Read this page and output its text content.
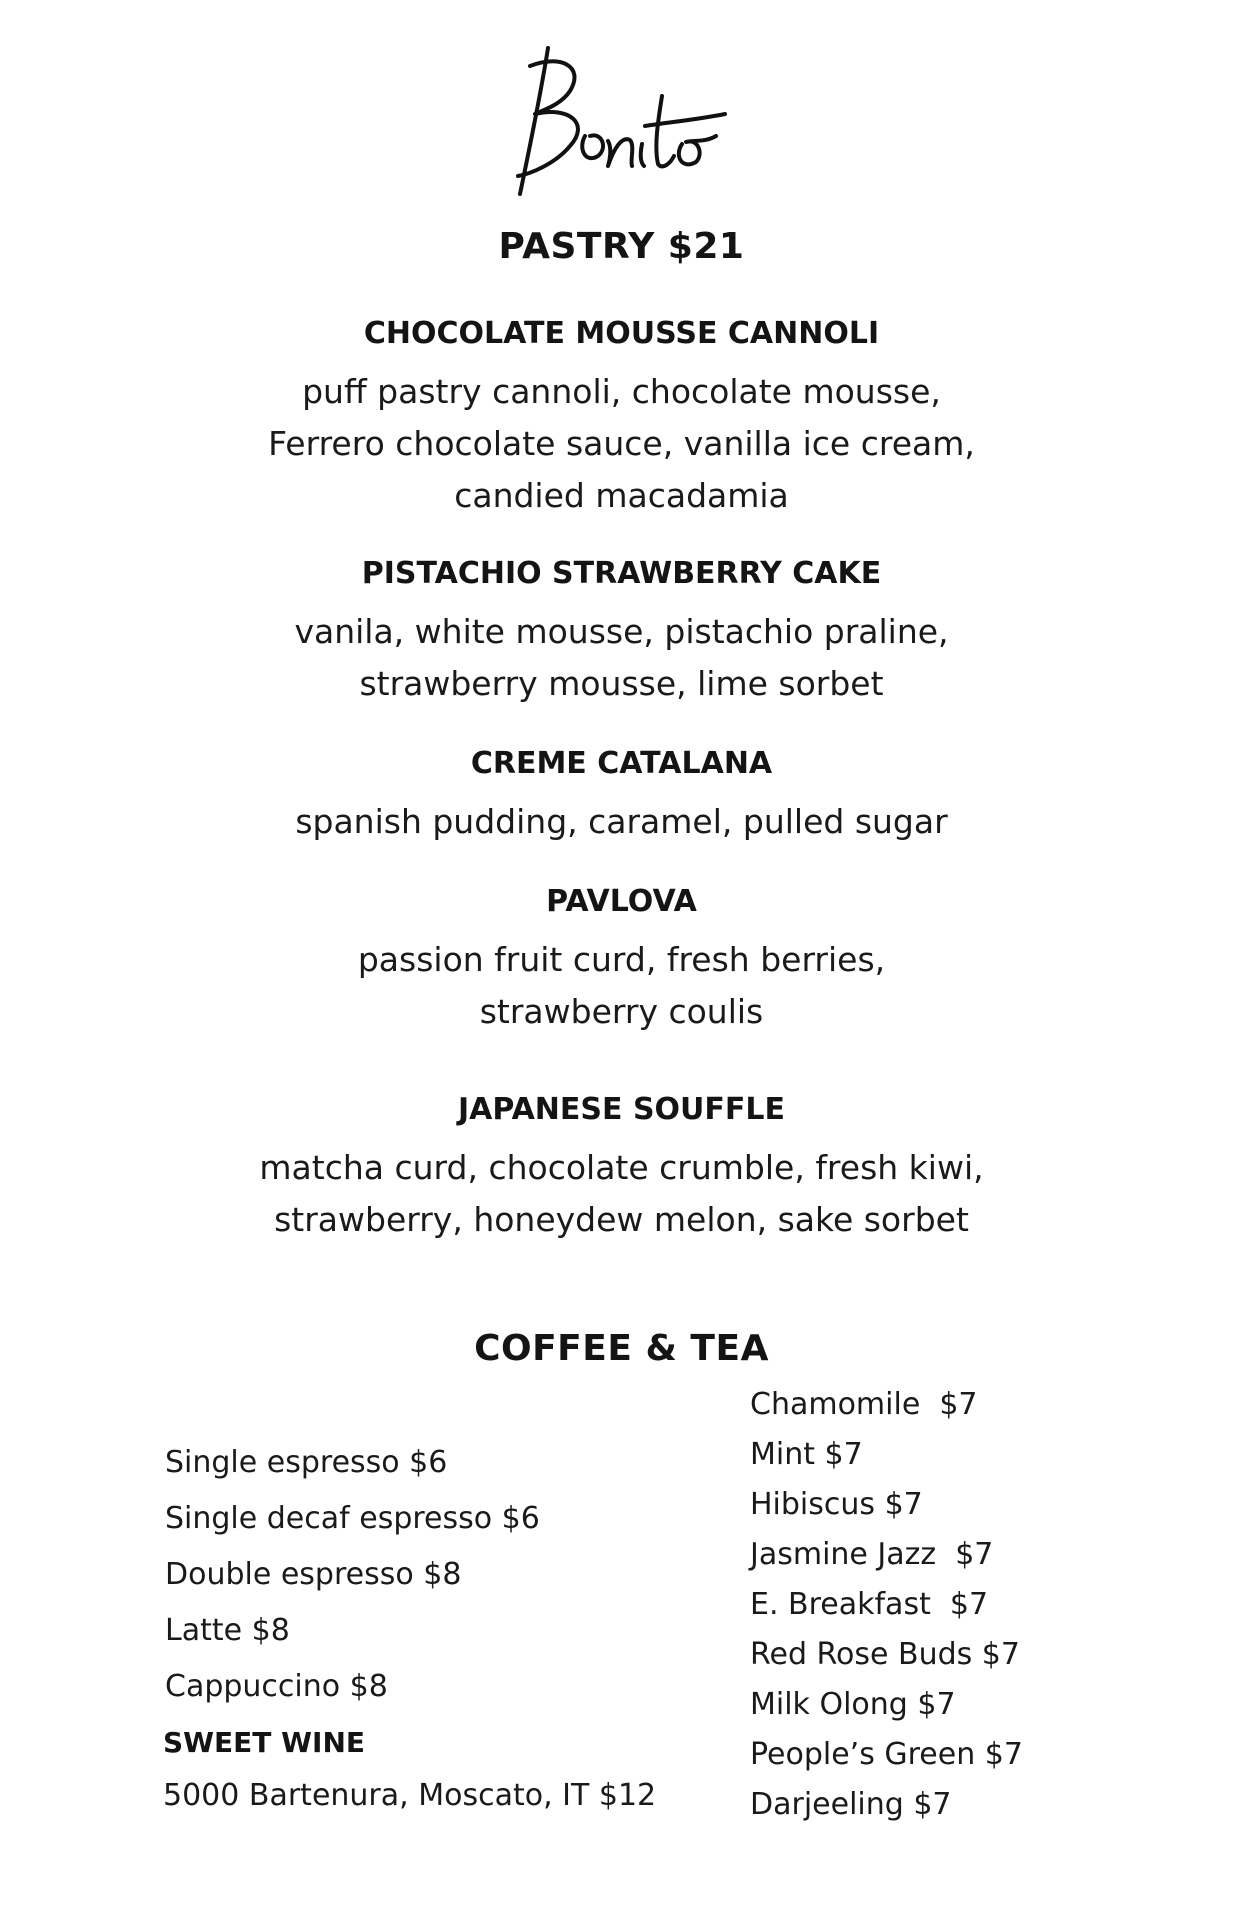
PASTRY $21
CHOCOLATE MOUSSE CANNOLI
puff pastry cannoli, chocolate mousse,
Ferrero chocolate sauce, vanilla ice cream,
candied macadamia
PISTACHIO STRAWBERRY CAKE
vanila, white mousse, pistachio praline,
strawberry mousse, lime sorbet
CREME CATALANA
spanish pudding, caramel, pulled sugar
PAVLOVA
passion fruit curd, fresh berries,
strawberry coulis
JAPANESE SOUFFLE
matcha curd, chocolate crumble, fresh kiwi,
strawberry, honeydew melon, sake sorbet
COFFEE & TEA
Single espresso $6
Single decaf espresso $6
Double espresso $8
Latte $8
Cappuccino $8
Chamomile  $7
Mint $7
Hibiscus $7
Jasmine Jazz  $7
E. Breakfast  $7
Red Rose Buds $7
Milk Olong $7
People’s Green $7
Darjeeling $7
SWEET WINE
5000 Bartenura, Moscato, IT $12
